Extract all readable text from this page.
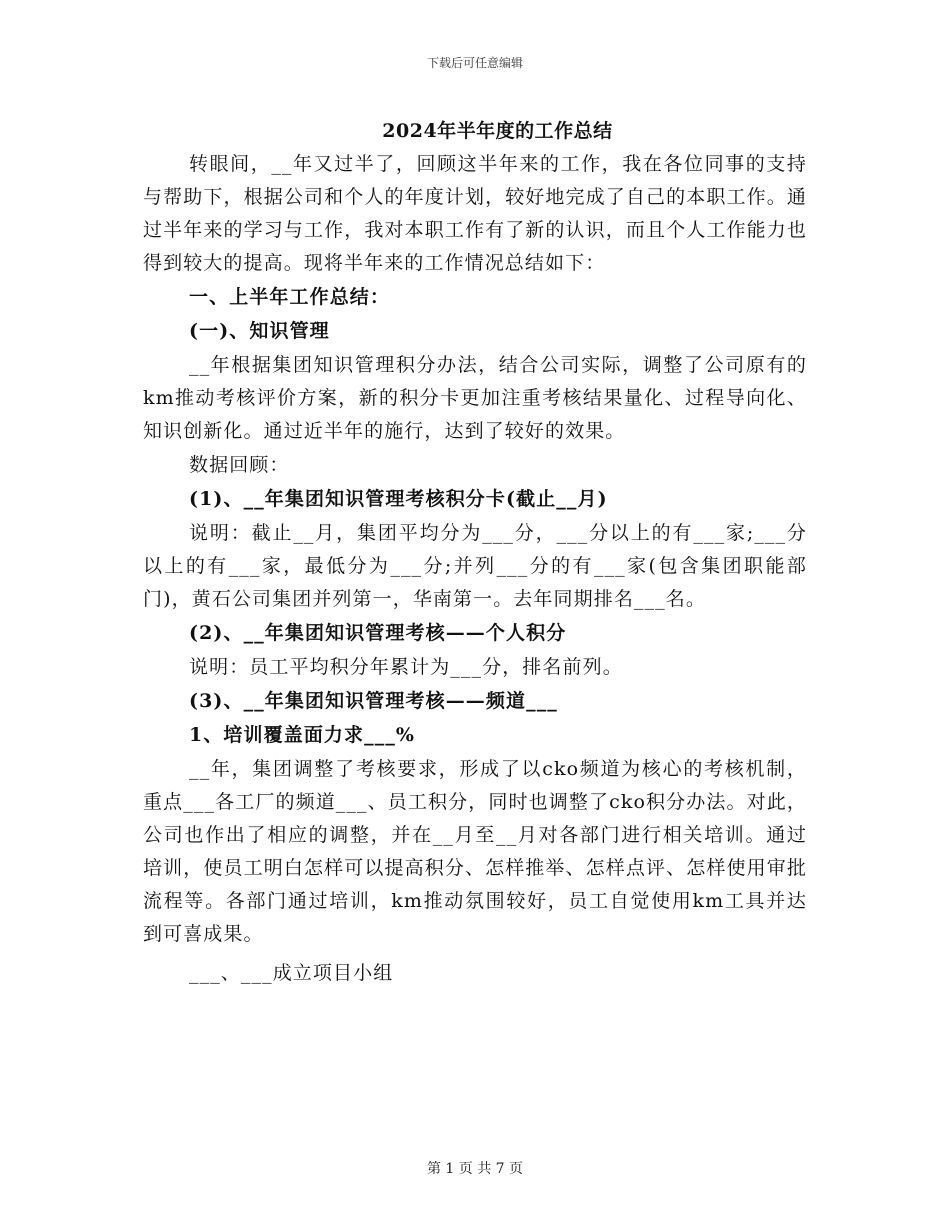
下载后可任意编辑
2024年半年度的工作总结

转眼间，__年又过半了，回顾这半年来的工作，我在各位同事的支持与帮助下，根据公司和个人的年度计划，较好地完成了自己的本职工作。通过半年来的学习与工作，我对本职工作有了新的认识，而且个人工作能力也得到较大的提高。现将半年来的工作情况总结如下：

一、上半年工作总结：

(一)、知识管理

__年根据集团知识管理积分办法，结合公司实际，调整了公司原有的km推动考核评价方案，新的积分卡更加注重考核结果量化、过程导向化、知识创新化。通过近半年的施行，达到了较好的效果。

数据回顾：

(1)、__年集团知识管理考核积分卡(截止__月)

说明：截止__月，集团平均分为___分，___分以上的有___家;___分以上的有___家，最低分为___分;并列___分的有___家(包含集团职能部门)，黄石公司集团并列第一，华南第一。去年同期排名___名。

(2)、__年集团知识管理考核——个人积分

说明：员工平均积分年累计为___分，排名前列。

(3)、__年集团知识管理考核——频道___

1、培训覆盖面力求___%

__年，集团调整了考核要求，形成了以cko频道为核心的考核机制，重点___各工厂的频道___、员工积分，同时也调整了cko积分办法。对此，公司也作出了相应的调整，并在__月至__月对各部门进行相关培训。通过培训，使员工明白怎样可以提高积分、怎样推举、怎样点评、怎样使用审批流程等。各部门通过培训，km推动氛围较好，员工自觉使用km工具并达到可喜成果。

___、___成立项目小组

第 1 页 共 7 页
